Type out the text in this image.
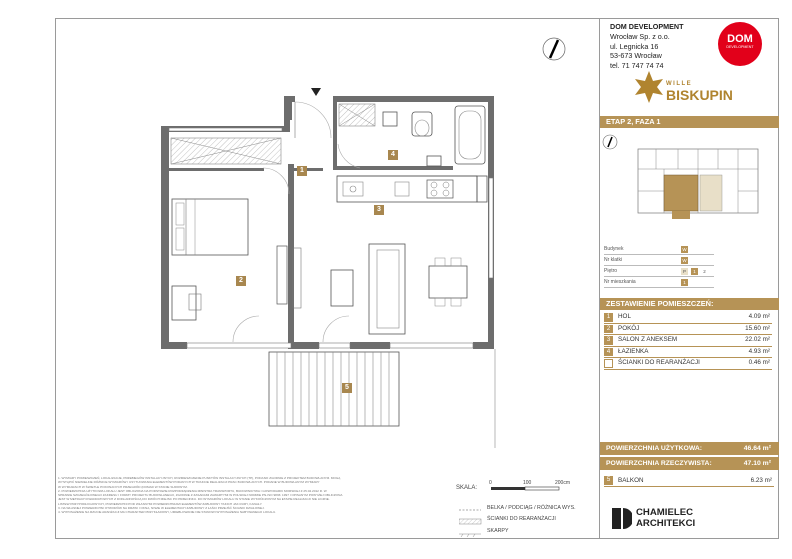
1
2
3
4
5
1. WYMIARY POMIESZCZEŃ, LOKALIZACJE, PRZEBIEGÓW INSTALACYJNYCH, ROZMIESZCZENIE PUNKTÓW INSTALACYJNYCH (TP), PODANO ZGODNIE Z PROJEKTEM BUDOWLANYM. MOGĄ
WYSTĄPIĆ NIEWIELKIE RÓŻNICE WYMIARÓW I USYTUOWANIA ELEMENTÓW PODANYCH W TRAKCIE REALIZACJI PRAC BUDOWLANYCH. PODANE W BUDOWLANYM WYMIARY
W WYMIARACH W ŚWIETLE POKONANYCH PRZEGRÓD (DOMAD W STANIE SUROWYM.
2. POWIERZCHNIA UŻYTKOWA LOKALU JEST OBLICZONA NA PODSTAWIE ROZPORZĄDZENIA MINISTRA TRANSPORTU, BUDOWNICTWA I GOSPODARKI MORSKIEJ Z 25.04.2012 R. W
SPRAWIE SZCZEGÓŁOWEGO ZAKRESU I FORMY PROJEKTU BUDOWLANEGO, ZGODNIE Z ZASADAMI ZAWARTYMI W POLSKIEJ NORMIE PN-ISO 9836: 1997 I OPISANYM POWYŻEJ OBLICZONA
JEST W METRACH KWADRATOWYCH Z DOKŁADNOŚCIĄ DO DWÓCH MIEJSC PO PRZECINKU. DO WYMIARÓW LOKALU W STANIE WYKOŃCZONYM NA ETAPIE REALIZACJI NIE LICZNE.
LISTEW PRZYPODŁOGOWYCH, POWIERZCHNI POD WŁASNYMI POWIERZCHNIAMI ELEMENTÓW ZABUDOWY TAKICH JAK RURY, KANAŁY.
3. NA WŁASNEJ POWIERZCHNI OTWORÓW NA DRZWI I OKNA, NISZE W ELEMENTACH ZABUDOWY Z ŁAŚCI PRZEJŚĆ ŚCIANKI DZIAŁOWEJ.
4. WYPOSAŻENIE NA RZUCIE ARANŻACJI MA CHARAKTER PRZYKŁADOWY, UMIEBLOWANIE NIE STANOWI WYPOSAŻENIA NABYWANEGO LOKALU.
SKALA:
0	100	200cm
BELKA / PODCIĄG / RÓŻNICA WYS.
ŚCIANKI DO REARANŻACJI
SKARPY
DOM DEVELOPMENT
Wrocław Sp. z o.o.
ul. Legnicka 16
53-673 Wrocław
tel. 71 747 74 74
DOM
DEVELOPMENT
WILLE
BISKUPIN
ETAP 2, FAZA 1
Budynek	W
Nr klatki	W
Piętro	P	1	2
Nr mieszkania	1
ZESTAWIENIE POMIESZCZEŃ:
1	HOL	4.09 m²
2	POKÓJ	15.60 m²
3	SALON Z ANEKSEM	22.02 m²
4	ŁAZIENKA	4.93 m²
ŚCIANKI DO REARANŻACJI	0.46 m²
POWIERZCHNIA UŻYTKOWA:	46.64 m²
POWIERZCHNIA RZECZYWISTA:	47.10 m²
5	BALKON	6.23 m²
CHAMIELEC
ARCHITEKCI
